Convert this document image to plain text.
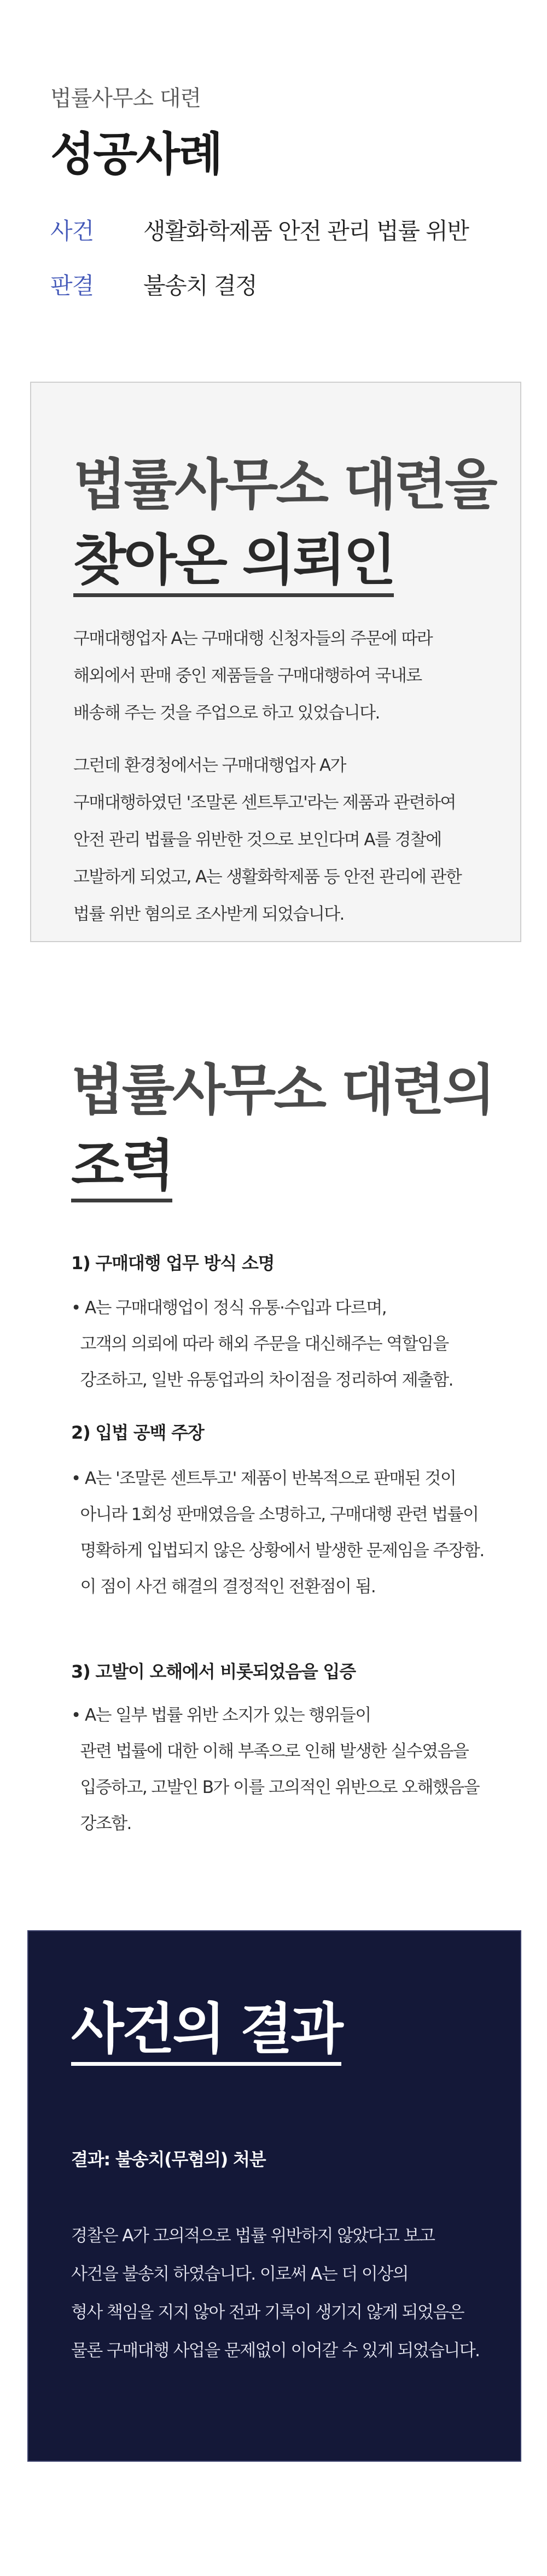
법률사무소 대련
성공사례
사건	생활화학제품 안전 관리 법률 위반
판결	불송치 결정
법률사무소 대련을
찾아온 의뢰인
구매대행업자 A는 구매대행 신청자들의 주문에 따라
해외에서 판매 중인 제품들을 구매대행하여 국내로
배송해 주는 것을 주업으로 하고 있었습니다.
그런데 환경청에서는 구매대행업자 A가
구매대행하였던 '조말론 센트투고'라는 제품과 관련하여
안전 관리 법률을 위반한 것으로 보인다며 A를 경찰에
고발하게 되었고, A는 생활화학제품 등 안전 관리에 관한
법률 위반 혐의로 조사받게 되었습니다.
법률사무소 대련의
조력
1) 구매대행 업무 방식 소명
• A는 구매대행업이 정식 유통·수입과 다르며,
고객의 의뢰에 따라 해외 주문을 대신해주는 역할임을
강조하고, 일반 유통업과의 차이점을 정리하여 제출함.
2) 입법 공백 주장
• A는 '조말론 센트투고' 제품이 반복적으로 판매된 것이
아니라 1회성 판매였음을 소명하고, 구매대행 관련 법률이
명확하게 입법되지 않은 상황에서 발생한 문제임을 주장함.
이 점이 사건 해결의 결정적인 전환점이 됨.
3) 고발이 오해에서 비롯되었음을 입증
• A는 일부 법률 위반 소지가 있는 행위들이
관련 법률에 대한 이해 부족으로 인해 발생한 실수였음을
입증하고, 고발인 B가 이를 고의적인 위반으로 오해했음을
강조함.
사건의 결과
결과: 불송치(무혐의) 처분
경찰은 A가 고의적으로 법률 위반하지 않았다고 보고
사건을 불송치 하였습니다. 이로써 A는 더 이상의
형사 책임을 지지 않아 전과 기록이 생기지 않게 되었음은
물론 구매대행 사업을 문제없이 이어갈 수 있게 되었습니다.
